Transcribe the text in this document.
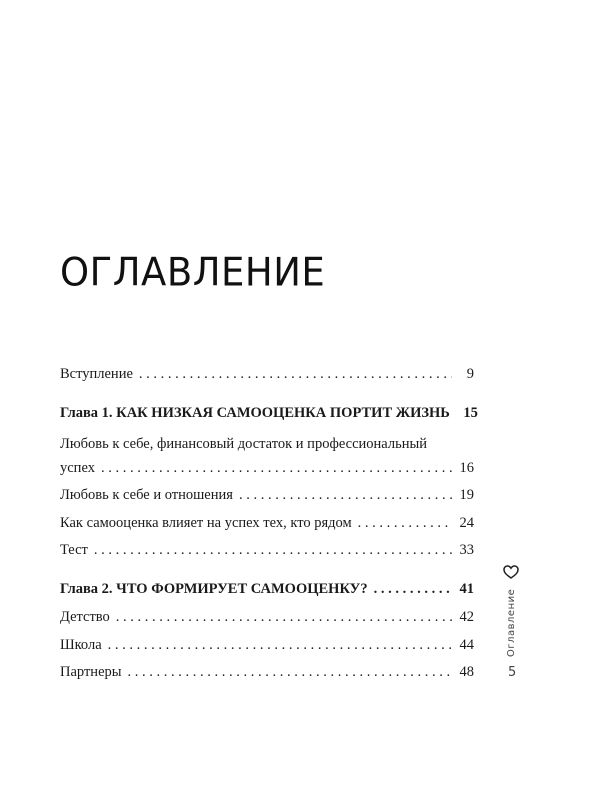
ОГЛАВЛЕНИЕ
Вступление . . .	9
Глава 1. КАК НИЗКАЯ САМООЦЕНКА ПОРТИТ ЖИЗНЬ 15
Любовь к себе, финансовый достаток и профессиональный
успех . . .	16
Любовь к себе и отношения . . .	19
Как самооценка влияет на успех тех, кто рядом . . .	24
Тест . . .	33
Глава 2. ЧТО ФОРМИРУЕТ САМООЦЕНКУ? . . .	41
Детство . . .	42
Школа . . .	44
Партнеры . . .	48
Оглавление
5
